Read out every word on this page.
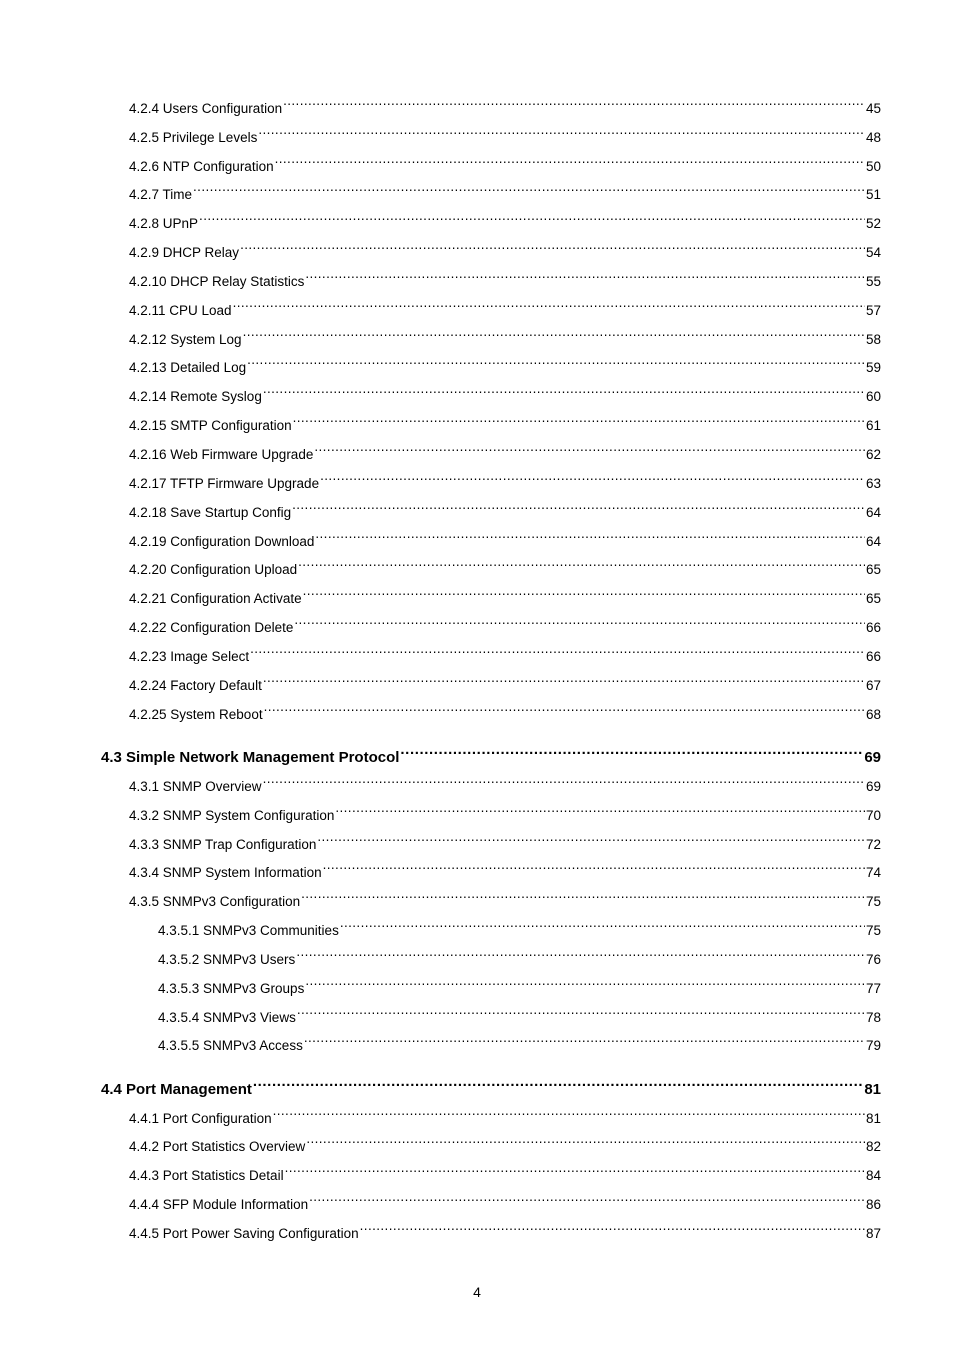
4.2.4 Users Configuration .....	45
4.2.5 Privilege Levels .....	48
4.2.6 NTP Configuration .....	50
4.2.7 Time .....	51
4.2.8 UPnP .....	52
4.2.9 DHCP Relay .....	54
4.2.10 DHCP Relay Statistics .....	55
4.2.11 CPU Load .....	57
4.2.12 System Log .....	58
4.2.13 Detailed Log .....	59
4.2.14 Remote Syslog .....	60
4.2.15 SMTP Configuration .....	61
4.2.16 Web Firmware Upgrade .....	62
4.2.17 TFTP Firmware Upgrade .....	63
4.2.18 Save Startup Config .....	64
4.2.19 Configuration Download .....	64
4.2.20 Configuration Upload .....	65
4.2.21 Configuration Activate .....	65
4.2.22 Configuration Delete .....	66
4.2.23 Image Select .....	66
4.2.24 Factory Default .....	67
4.2.25 System Reboot .....	68
4.3 Simple Network Management Protocol .....	69
4.3.1 SNMP Overview .....	69
4.3.2 SNMP System Configuration .....	70
4.3.3 SNMP Trap Configuration .....	72
4.3.4 SNMP System Information .....	74
4.3.5 SNMPv3 Configuration .....	75
4.3.5.1 SNMPv3 Communities .....	75
4.3.5.2 SNMPv3 Users .....	76
4.3.5.3 SNMPv3 Groups .....	77
4.3.5.4 SNMPv3 Views .....	78
4.3.5.5 SNMPv3 Access .....	79
4.4 Port Management .....	81
4.4.1 Port Configuration .....	81
4.4.2 Port Statistics Overview .....	82
4.4.3 Port Statistics Detail .....	84
4.4.4 SFP Module Information .....	86
4.4.5 Port Power Saving Configuration .....	87
4
